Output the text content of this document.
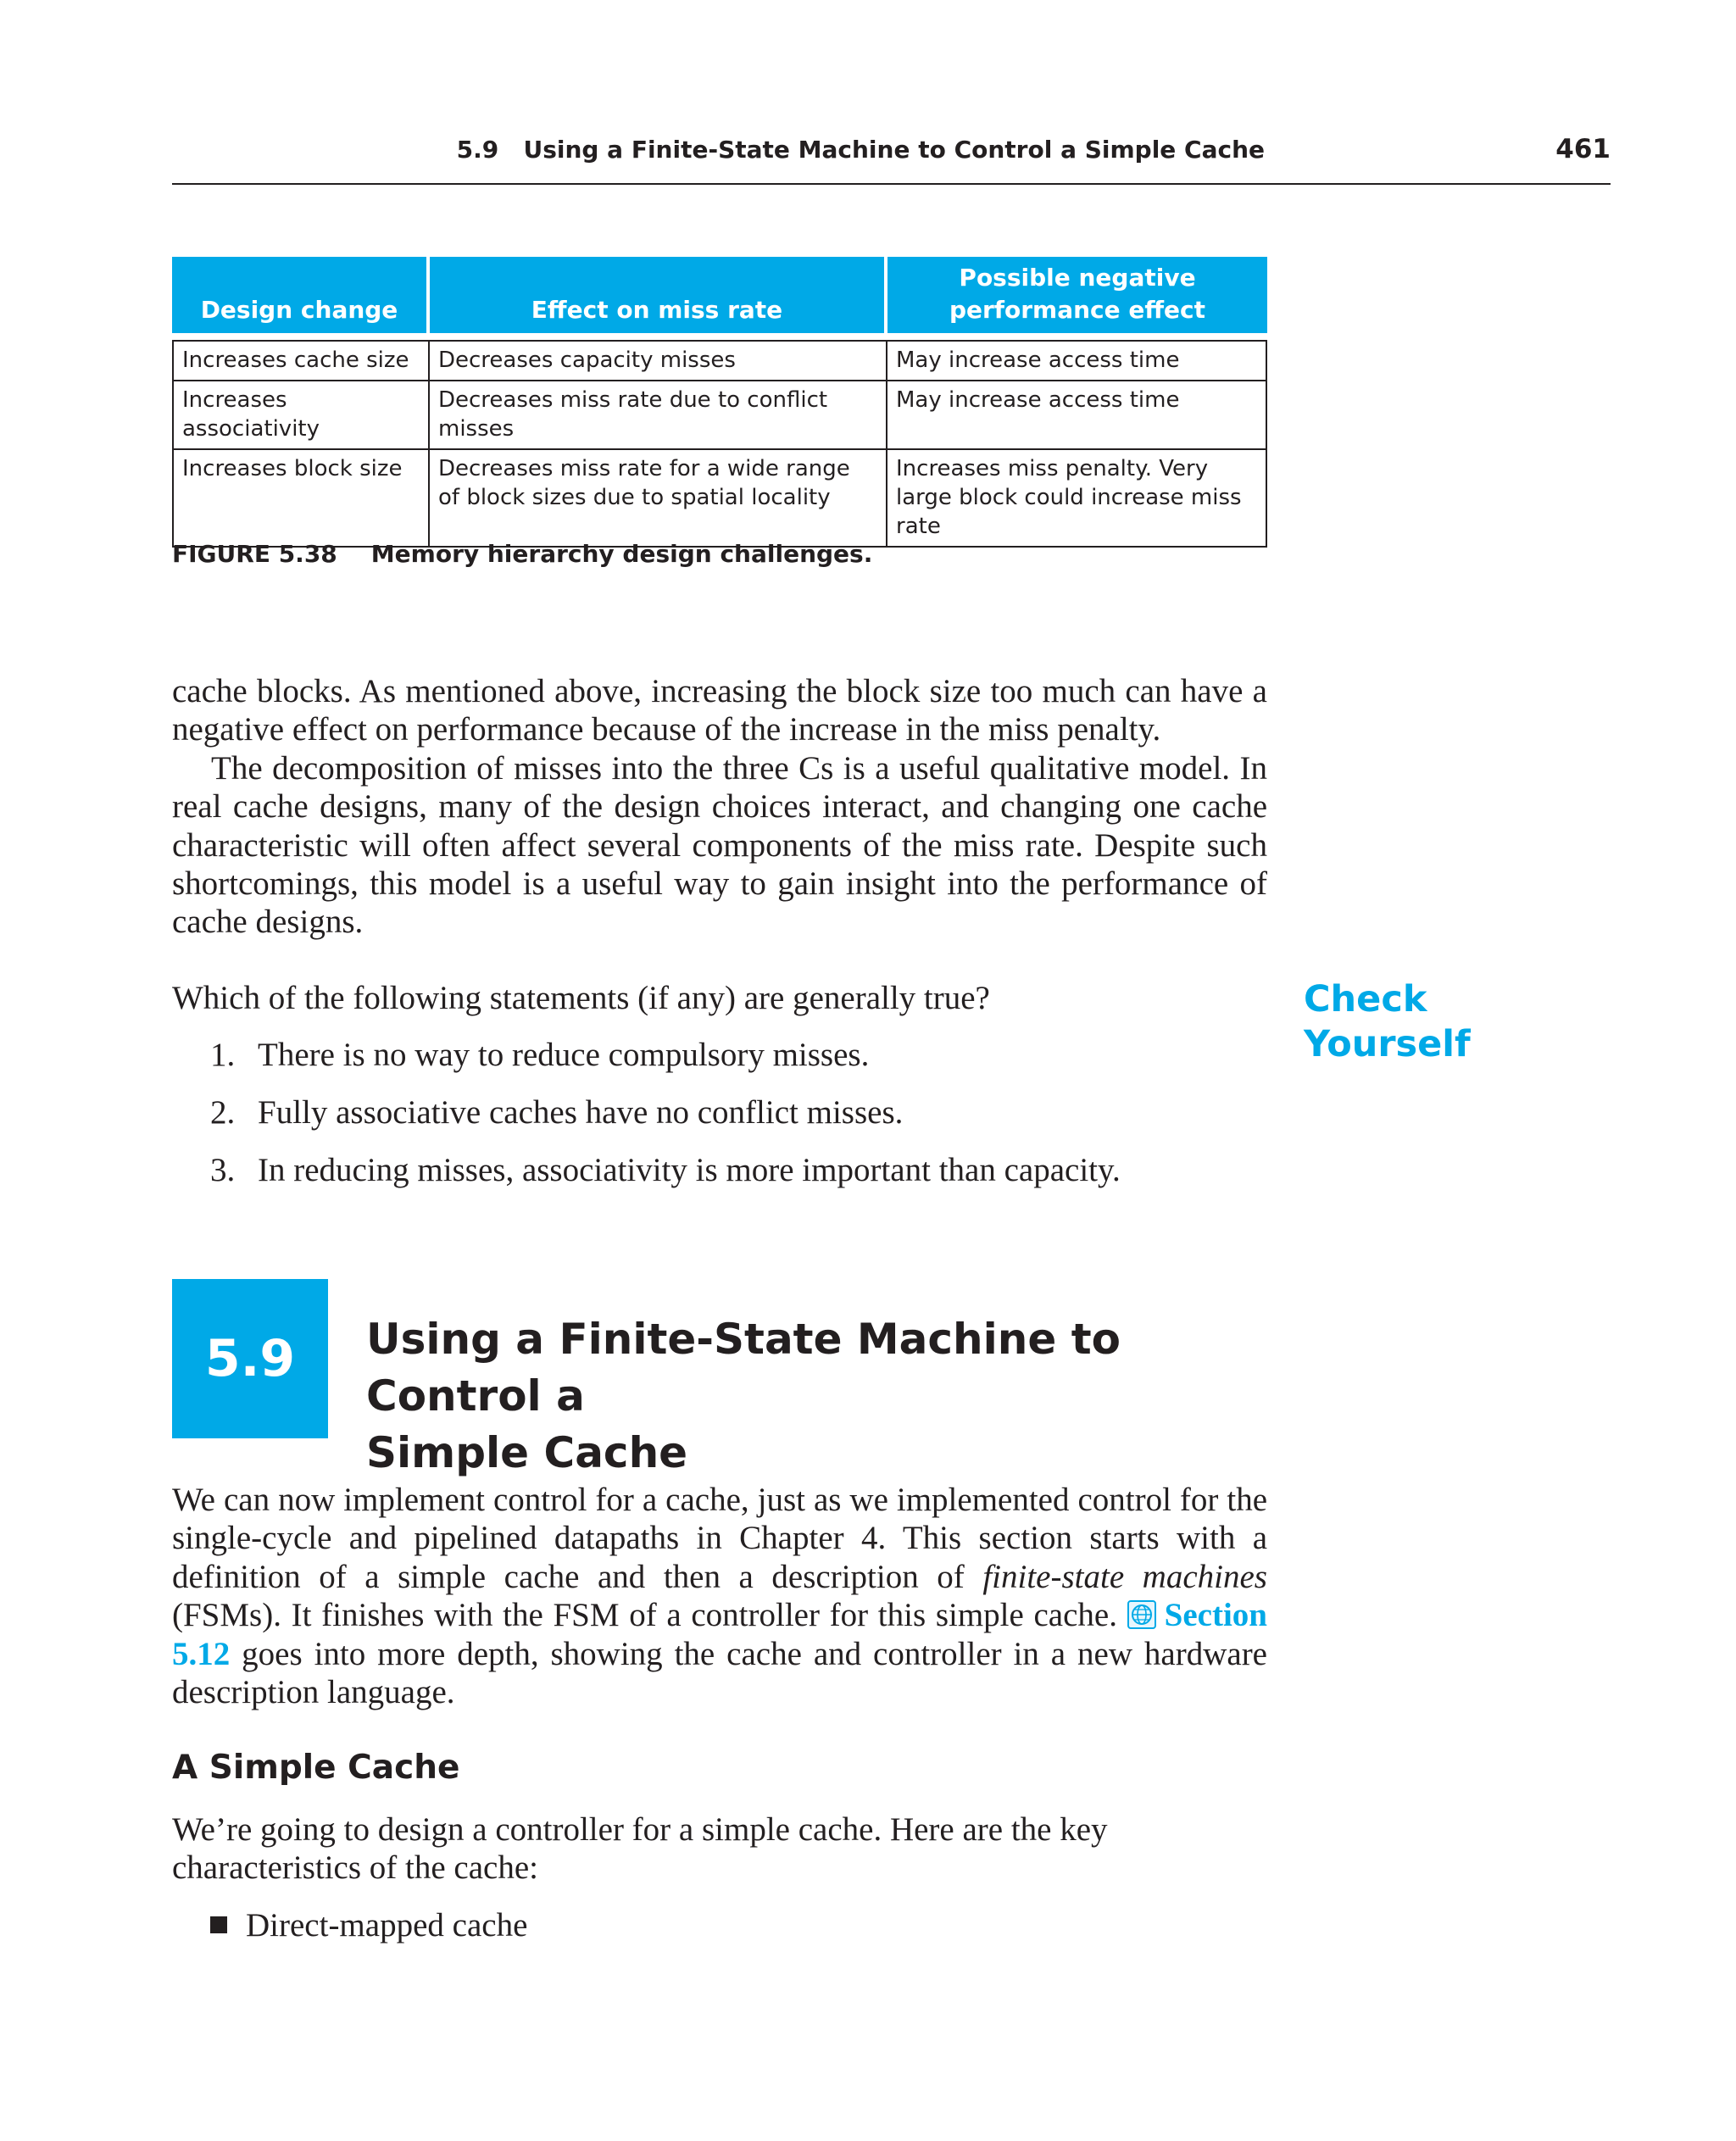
5.9   Using a Finite-State Machine to Control a Simple Cache	461
Design change	Effect on miss rate	Possible negative performance effect

Increases cache size	Decreases capacity misses	May increase access time
Increases associativity	Decreases miss rate due to conflict misses	May increase access time
Increases block size	Decreases miss rate for a wide range of block sizes due to spatial locality	Increases miss penalty. Very large block could increase miss rate
FIGURE 5.38 Memory hierarchy design challenges.

cache blocks. As mentioned above, increasing the block size too much can have a negative effect on performance because of the increase in the miss penalty.

The decomposition of misses into the three Cs is a useful qualitative model. In real cache designs, many of the design choices interact, and changing one cache characteristic will often affect several components of the miss rate. Despite such shortcomings, this model is a useful way to gain insight into the performance of cache designs.

Check
Yourself
Which of the following statements (if any) are generally true?
1. There is no way to reduce compulsory misses.
2. Fully associative caches have no conflict misses.
3. In reducing misses, associativity is more important than capacity.
5.9	Using a Finite-State Machine to Control a
Simple Cache

We can now implement control for a cache, just as we implemented control for the single-cycle and pipelined datapaths in Chapter 4. This section starts with a definition of a simple cache and then a description of finite-state machines (FSMs). It finishes with the FSM of a controller for this simple cache. Section 5.12 goes into more depth, showing the cache and controller in a new hardware description language.

A Simple Cache

We’re going to design a controller for a simple cache. Here are the key characteristics of the cache:

Direct-mapped cache
